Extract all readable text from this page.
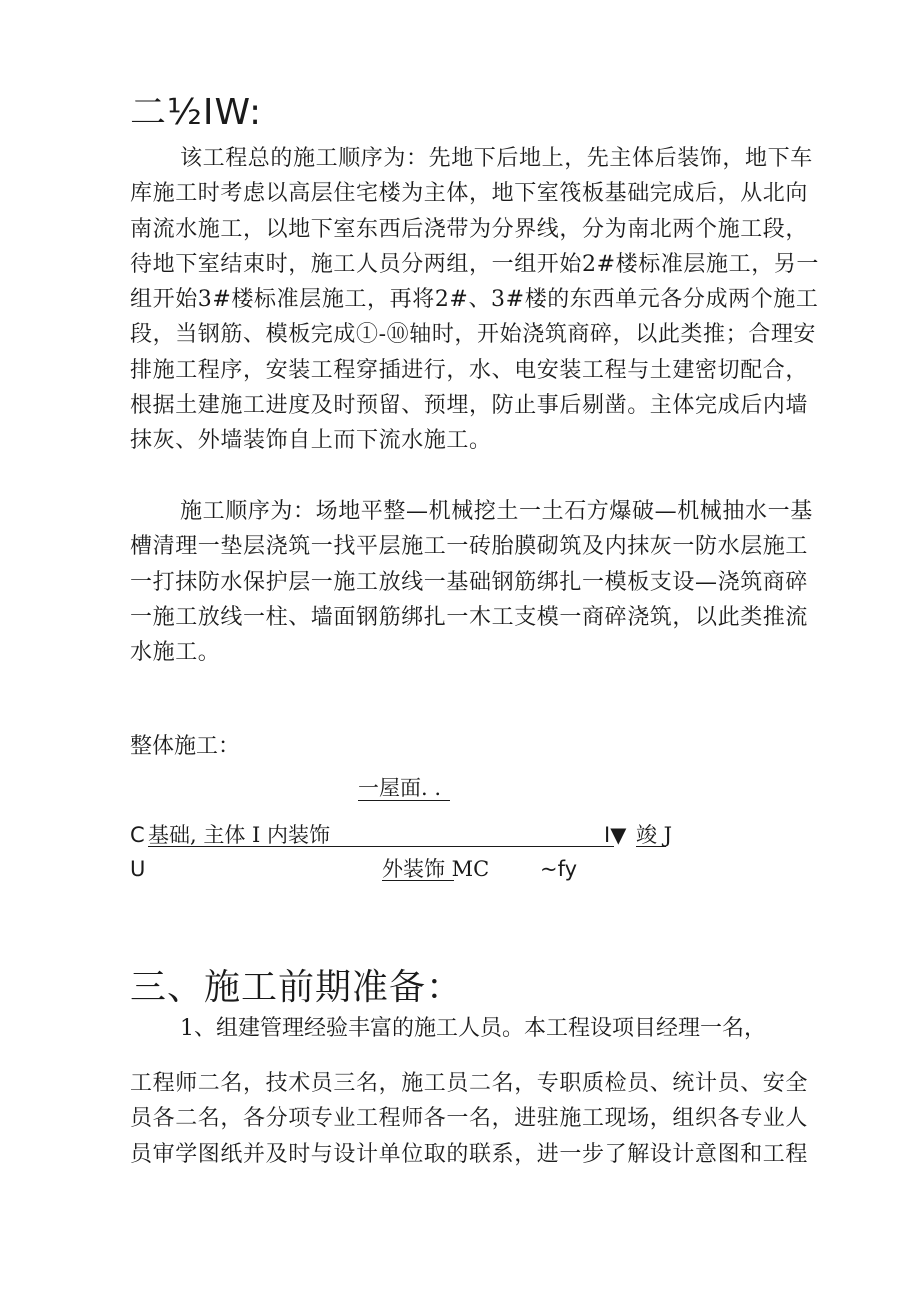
二½IW:

该工程总的施工顺序为：先地下后地上，先主体后装饰，地下车库施工时考虑以高层住宅楼为主体，地下室筏板基础完成后，从北向南流水施工，以地下室东西后浇带为分界线，分为南北两个施工段，待地下室结束时，施工人员分两组，一组开始2#楼标准层施工，另一组开始3#楼标准层施工，再将2#、3#楼的东西单元各分成两个施工段，当钢筋、模板完成①-⑩轴时，开始浇筑商碎，以此类推；合理安排施工程序，安装工程穿插进行，水、电安装工程与土建密切配合，根据土建施工进度及时预留、预埋，防止事后剔凿。主体完成后内墙抹灰、外墙装饰自上而下流水施工。

施工顺序为：场地平整—机械挖土一土石方爆破—机械抽水一基槽清理一垫层浇筑一找平层施工一砖胎膜砌筑及内抹灰一防水层施工一打抹防水保护层一施工放线一基础钢筋绑扎一模板支设—浇筑商碎一施工放线一柱、墙面钢筋绑扎一木工支模一商碎浇筑，以此类推流水施工。

整体施工：

一屋面. .
C 基础, 主体 I 内装饰	I▼ 竣 J
U	外装饰 MC ~fy
三、施工前期准备：

1、组建管理经验丰富的施工人员。本工程设项目经理一名，

工程师二名，技术员三名，施工员二名，专职质检员、统计员、安全员各二名，各分项专业工程师各一名，进驻施工现场，组织各专业人员审学图纸并及时与设计单位取的联系，进一步了解设计意图和工程
